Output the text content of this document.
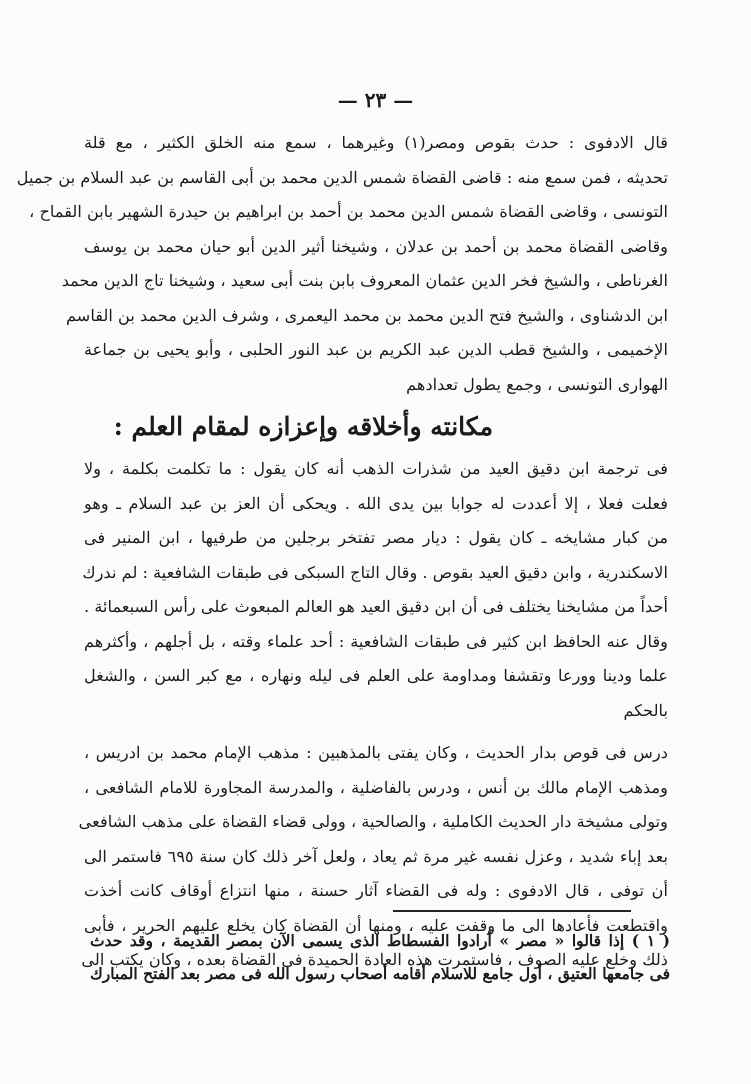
— ٢٣ —
قال الادفوى : حدث بقوص ومصر(١) وغيرهما ، سمع منه الخلق الكثير ، مع قلة
تحديثه ، فمن سمع منه : قاضى القضاة شمس الدين محمد بن أبى القاسم بن عبد السلام بن جميل
التونسى ، وقاضى القضاة شمس الدين محمد بن أحمد بن ابراهيم بن حيدرة الشهير بابن القماح ،
وقاضى القضاة محمد بن أحمد بن عدلان ، وشيخنا أثير الدين أبو حيان محمد بن يوسف
الغرناطى ، والشيخ فخر الدين عثمان المعروف بابن بنت أبى سعيد ، وشيخنا تاج الدين محمد
ابن الدشناوى ، والشيخ فتح الدين محمد بن محمد اليعمرى ، وشرف الدين محمد بن القاسم
الإخميمى ، والشيخ قطب الدين عبد الكريم بن عبد النور الحلبى ، وأبو يحيى بن جماعة
الهوارى التونسى ، وجمع يطول تعدادهم
مكانته وأخلاقه وإعزازه لمقام العلم :
فى ترجمة ابن دقيق العيد من شذرات الذهب أنه كان يقول : ما تكلمت بكلمة ، ولا
فعلت فعلا ، إلا أعددت له جوابا بين يدى الله . ويحكى أن العز بن عبد السلام ـ وهو
من كبار مشايخه ـ كان يقول : ديار مصر تفتخر برجلين من طرفيها ، ابن المنير فى
الاسكندرية ، وابن دقيق العيد بقوص . وقال التاج السبكى فى طبقات الشافعية : لم ندرك
أحداً من مشايخنا يختلف فى أن ابن دقيق العيد هو العالم المبعوث على رأس السبعمائة .
وقال عنه الحافظ ابن كثير فى طبقات الشافعية : أحد علماء وقته ، بل أجلهم ، وأكثرهم
علما ودينا وورعا وتقشفا ومداومة على العلم فى ليله ونهاره ، مع كبر السن ، والشغل
بالحكم
درس فى قوص بدار الحديث ، وكان يفتى بالمذهبين : مذهب الإمام محمد بن ادريس ،
ومذهب الإمام مالك بن أنس ، ودرس بالفاضلية ، والمدرسة المجاورة للامام الشافعى ،
وتولى مشيخة دار الحديث الكاملية ، والصالحية ، وولى قضاء القضاة على مذهب الشافعى
بعد إباء شديد ، وعزل نفسه غير مرة ثم يعاد ، ولعل آخر ذلك كان سنة ٦٩٥ فاستمر الى
أن توفى ، قال الادفوى : وله فى القضاء آثار حسنة ، منها انتزاع أوقاف كانت أخذت
واقتطعت فأعادها الى ما وقفت عليه ، ومنها أن القضاة كان يخلع عليهم الحرير ، فأبى
ذلك وخلع عليه الصوف ، فاستمرت هذه العادة الحميدة فى القضاة بعده ، وكان يكتب الى
( ١ ) إذا قالوا « مصر » أرادوا الفسطاط الذى يسمى الآن بمصر القديمة ، وقد حدث
فى جامعها العتيق ، أول جامع للاسلام أقامه أصحاب رسول الله فى مصر بعد الفتح المبارك
